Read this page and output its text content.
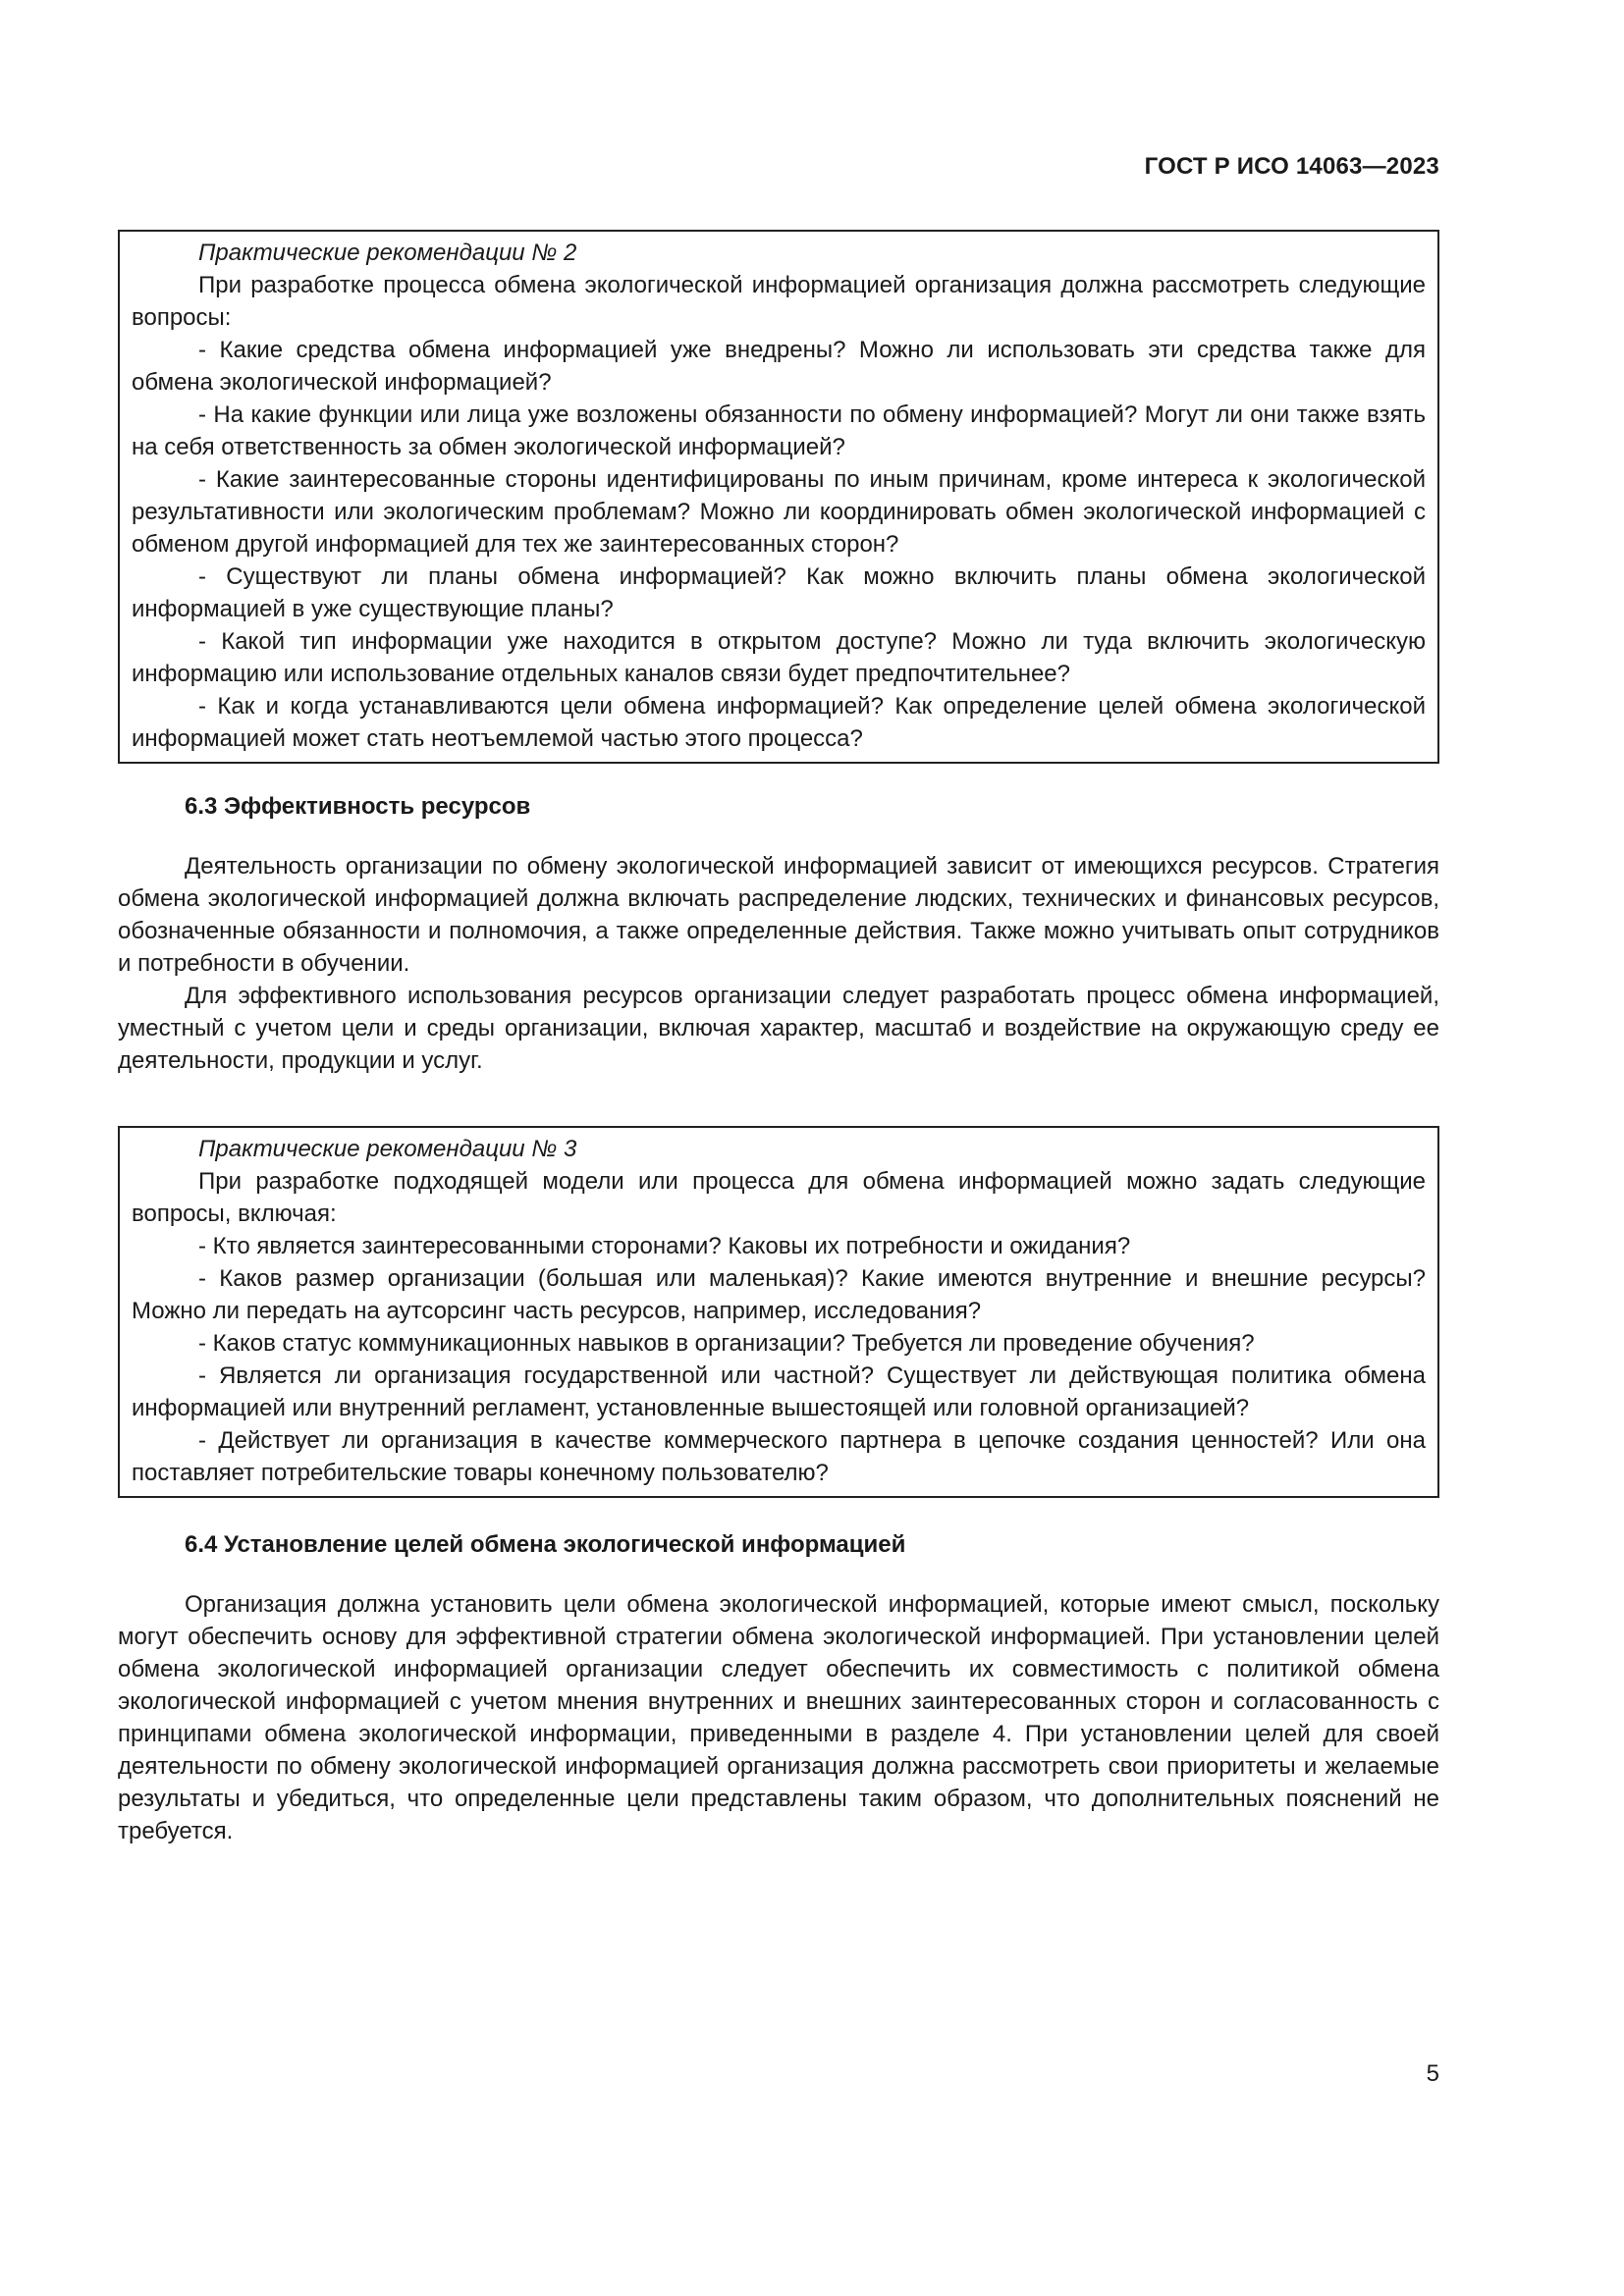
ГОСТ Р ИСО 14063—2023

Практические рекомендации № 2

При разработке процесса обмена экологической информацией организация должна рассмотреть следующие вопросы:

- Какие средства обмена информацией уже внедрены? Можно ли использовать эти средства также для обмена экологической информацией?

- На какие функции или лица уже возложены обязанности по обмену информацией? Могут ли они также взять на себя ответственность за обмен экологической информацией?

- Какие заинтересованные стороны идентифицированы по иным причинам, кроме интереса к экологической результативности или экологическим проблемам? Можно ли координировать обмен экологической информацией с обменом другой информацией для тех же заинтересованных сторон?

- Существуют ли планы обмена информацией? Как можно включить планы обмена экологической информацией в уже существующие планы?

- Какой тип информации уже находится в открытом доступе? Можно ли туда включить экологическую информацию или использование отдельных каналов связи будет предпочтительнее?

- Как и когда устанавливаются цели обмена информацией? Как определение целей обмена экологической информацией может стать неотъемлемой частью этого процесса?

6.3 Эффективность ресурсов

Деятельность организации по обмену экологической информацией зависит от имеющихся ресурсов. Стратегия обмена экологической информацией должна включать распределение людских, технических и финансовых ресурсов, обозначенные обязанности и полномочия, а также определенные действия. Также можно учитывать опыт сотрудников и потребности в обучении.

Для эффективного использования ресурсов организации следует разработать процесс обмена информацией, уместный с учетом цели и среды организации, включая характер, масштаб и воздействие на окружающую среду ее деятельности, продукции и услуг.

Практические рекомендации № 3

При разработке подходящей модели или процесса для обмена информацией можно задать следующие вопросы, включая:

- Кто является заинтересованными сторонами? Каковы их потребности и ожидания?

- Каков размер организации (большая или маленькая)? Какие имеются внутренние и внешние ресурсы? Можно ли передать на аутсорсинг часть ресурсов, например, исследования?

- Каков статус коммуникационных навыков в организации? Требуется ли проведение обучения?

- Является ли организация государственной или частной? Существует ли действующая политика обмена информацией или внутренний регламент, установленные вышестоящей или головной организацией?

- Действует ли организация в качестве коммерческого партнера в цепочке создания ценностей? Или она поставляет потребительские товары конечному пользователю?

6.4 Установление целей обмена экологической информацией

Организация должна установить цели обмена экологической информацией, которые имеют смысл, поскольку могут обеспечить основу для эффективной стратегии обмена экологической информацией. При установлении целей обмена экологической информацией организации следует обеспечить их совместимость с политикой обмена экологической информацией с учетом мнения внутренних и внешних заинтересованных сторон и согласованность с принципами обмена экологической информации, приведенными в разделе 4. При установлении целей для своей деятельности по обмену экологической информацией организация должна рассмотреть свои приоритеты и желаемые результаты и убедиться, что определенные цели представлены таким образом, что дополнительных пояснений не требуется.

5
